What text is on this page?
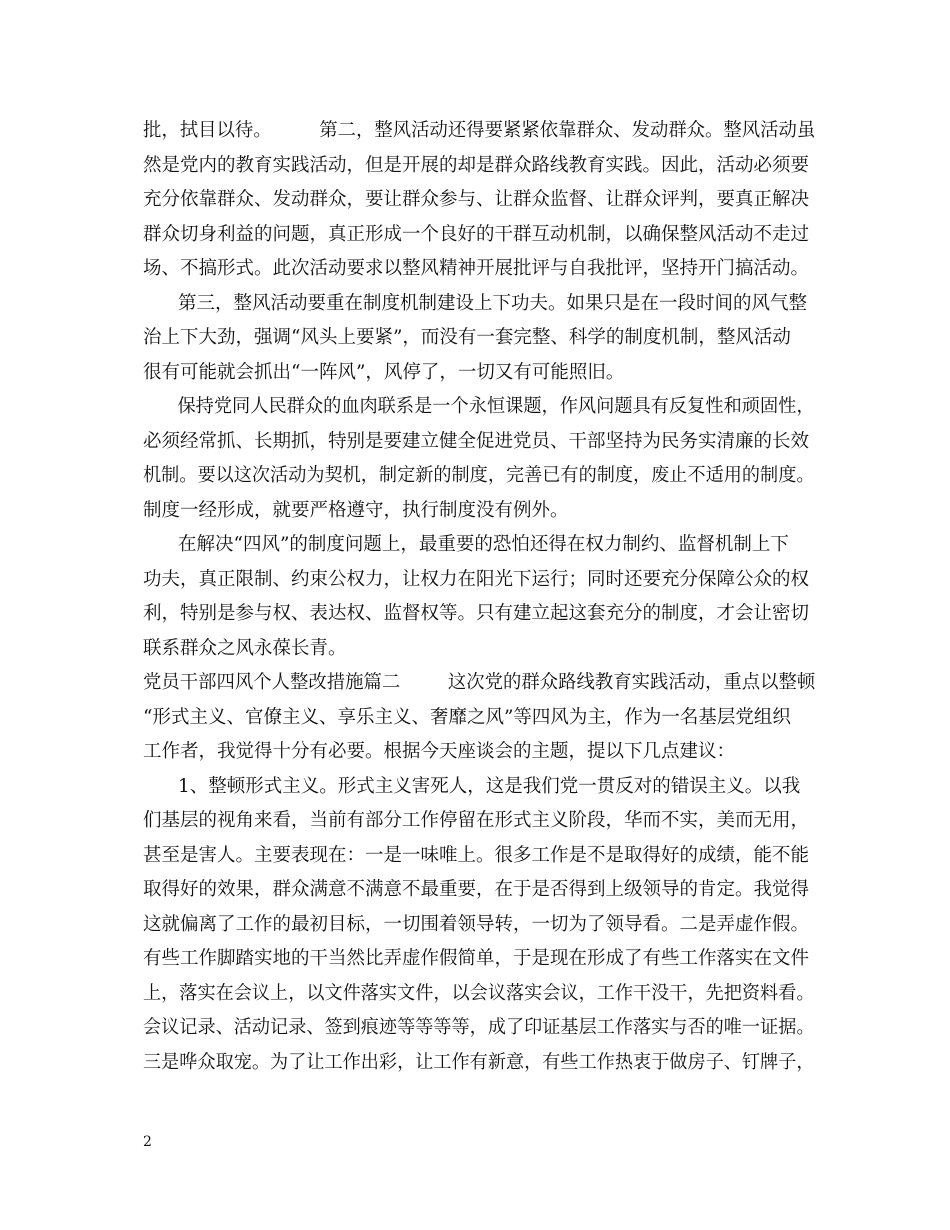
批，拭目以待。	第二，整风活动还得要紧紧依靠群众、发动群众。整风活动虽
然是党内的教育实践活动，但是开展的却是群众路线教育实践。因此，活动必须要
充分依靠群众、发动群众，要让群众参与、让群众监督、让群众评判，要真正解决
群众切身利益的问题，真正形成一个良好的干群互动机制，以确保整风活动不走过
场、不搞形式。此次活动要求以整风精神开展批评与自我批评，坚持开门搞活动。
第三，整风活动要重在制度机制建设上下功夫。如果只是在一段时间的风气整
治上下大劲，强调“风头上要紧”，而没有一套完整、科学的制度机制，整风活动
很有可能就会抓出“一阵风”，风停了，一切又有可能照旧。
保持党同人民群众的血肉联系是一个永恒课题，作风问题具有反复性和顽固性，
必须经常抓、长期抓，特别是要建立健全促进党员、干部坚持为民务实清廉的长效
机制。要以这次活动为契机，制定新的制度，完善已有的制度，废止不适用的制度。
制度一经形成，就要严格遵守，执行制度没有例外。
在解决“四风”的制度问题上，最重要的恐怕还得在权力制约、监督机制上下
功夫，真正限制、约束公权力，让权力在阳光下运行；同时还要充分保障公众的权
利，特别是参与权、表达权、监督权等。只有建立起这套充分的制度，才会让密切
联系群众之风永葆长青。
党员干部四风个人整改措施篇二	这次党的群众路线教育实践活动，重点以整顿
“形式主义、官僚主义、享乐主义、奢靡之风”等四风为主，作为一名基层党组织
工作者，我觉得十分有必要。根据今天座谈会的主题，提以下几点建议：
1、整顿形式主义。形式主义害死人，这是我们党一贯反对的错误主义。以我
们基层的视角来看，当前有部分工作停留在形式主义阶段，华而不实，美而无用，
甚至是害人。主要表现在：一是一味唯上。很多工作是不是取得好的成绩，能不能
取得好的效果，群众满意不满意不最重要，在于是否得到上级领导的肯定。我觉得
这就偏离了工作的最初目标，一切围着领导转，一切为了领导看。二是弄虚作假。
有些工作脚踏实地的干当然比弄虚作假简单，于是现在形成了有些工作落实在文件
上，落实在会议上，以文件落实文件，以会议落实会议，工作干没干，先把资料看。
会议记录、活动记录、签到痕迹等等等等，成了印证基层工作落实与否的唯一证据。
三是哗众取宠。为了让工作出彩，让工作有新意，有些工作热衷于做房子、钉牌子，
2
